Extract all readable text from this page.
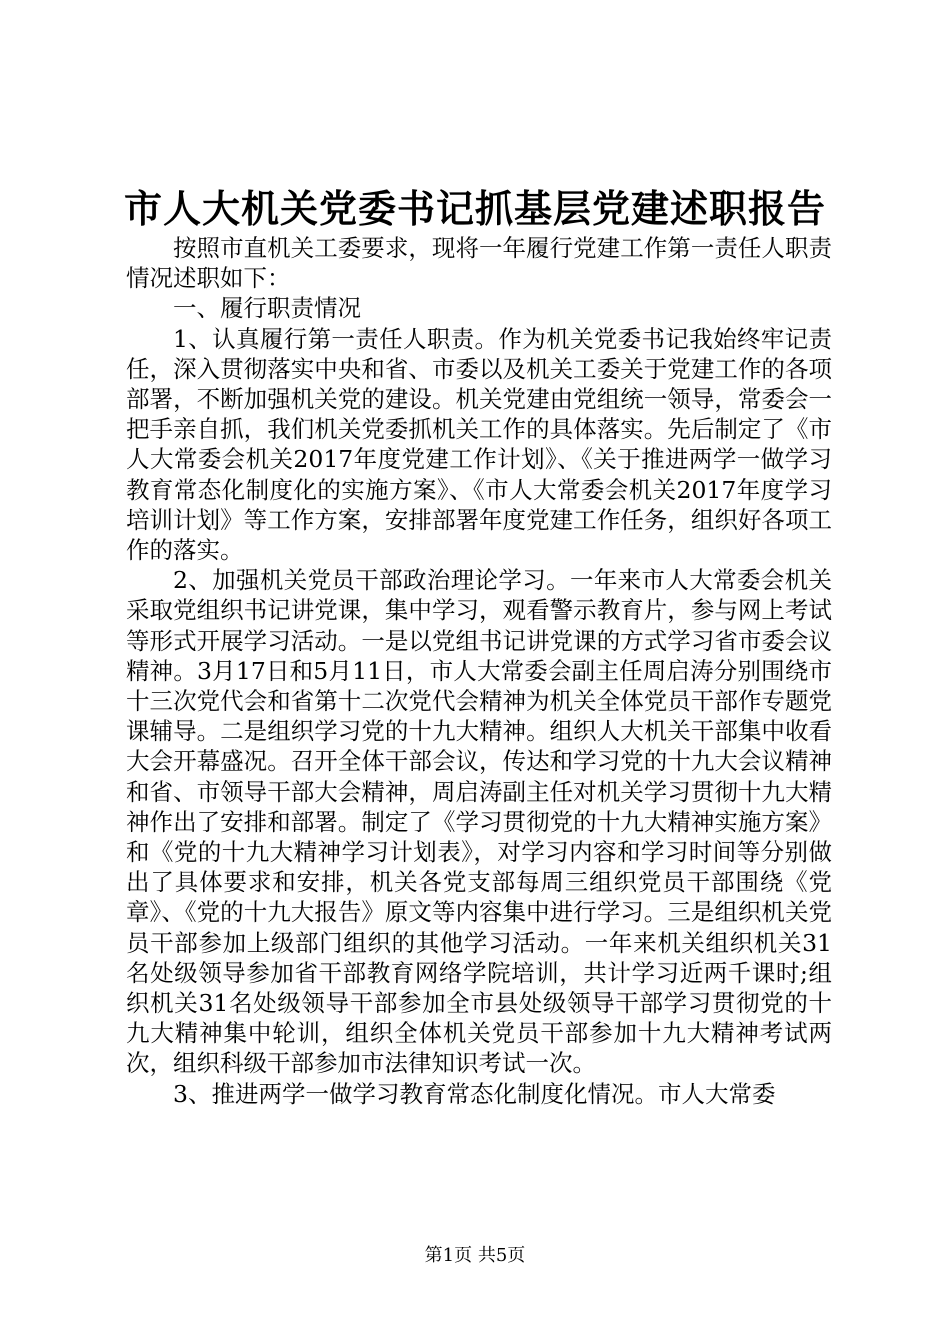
市人大机关党委书记抓基层党建述职报告

按照市直机关工委要求，现将一年履行党建工作第一责任人职责情况述职如下：

一、履行职责情况

1、认真履行第一责任人职责。作为机关党委书记我始终牢记责任，深入贯彻落实中央和省、市委以及机关工委关于党建工作的各项部署，不断加强机关党的建设。机关党建由党组统一领导，常委会一把手亲自抓，我们机关党委抓机关工作的具体落实。先后制定了《市人大常委会机关2017年度党建工作计划》、《关于推进两学一做学习教育常态化制度化的实施方案》、《市人大常委会机关2017年度学习培训计划》等工作方案，安排部署年度党建工作任务，组织好各项工作的落实。

2、加强机关党员干部政治理论学习。一年来市人大常委会机关采取党组织书记讲党课，集中学习，观看警示教育片，参与网上考试等形式开展学习活动。一是以党组书记讲党课的方式学习省市委会议精神。3月17日和5月11日，市人大常委会副主任周启涛分别围绕市十三次党代会和省第十二次党代会精神为机关全体党员干部作专题党课辅导。二是组织学习党的十九大精神。组织人大机关干部集中收看大会开幕盛况。召开全体干部会议，传达和学习党的十九大会议精神和省、市领导干部大会精神，周启涛副主任对机关学习贯彻十九大精神作出了安排和部署。制定了《学习贯彻党的十九大精神实施方案》和《党的十九大精神学习计划表》，对学习内容和学习时间等分别做出了具体要求和安排，机关各党支部每周三组织党员干部围绕《党章》、《党的十九大报告》原文等内容集中进行学习。三是组织机关党员干部参加上级部门组织的其他学习活动。一年来机关组织机关31名处级领导参加省干部教育网络学院培训，共计学习近两千课时;组织机关31名处级领导干部参加全市县处级领导干部学习贯彻党的十九大精神集中轮训，组织全体机关党员干部参加十九大精神考试两次，组织科级干部参加市法律知识考试一次。

3、推进两学一做学习教育常态化制度化情况。市人大常委

第1页 共5页
